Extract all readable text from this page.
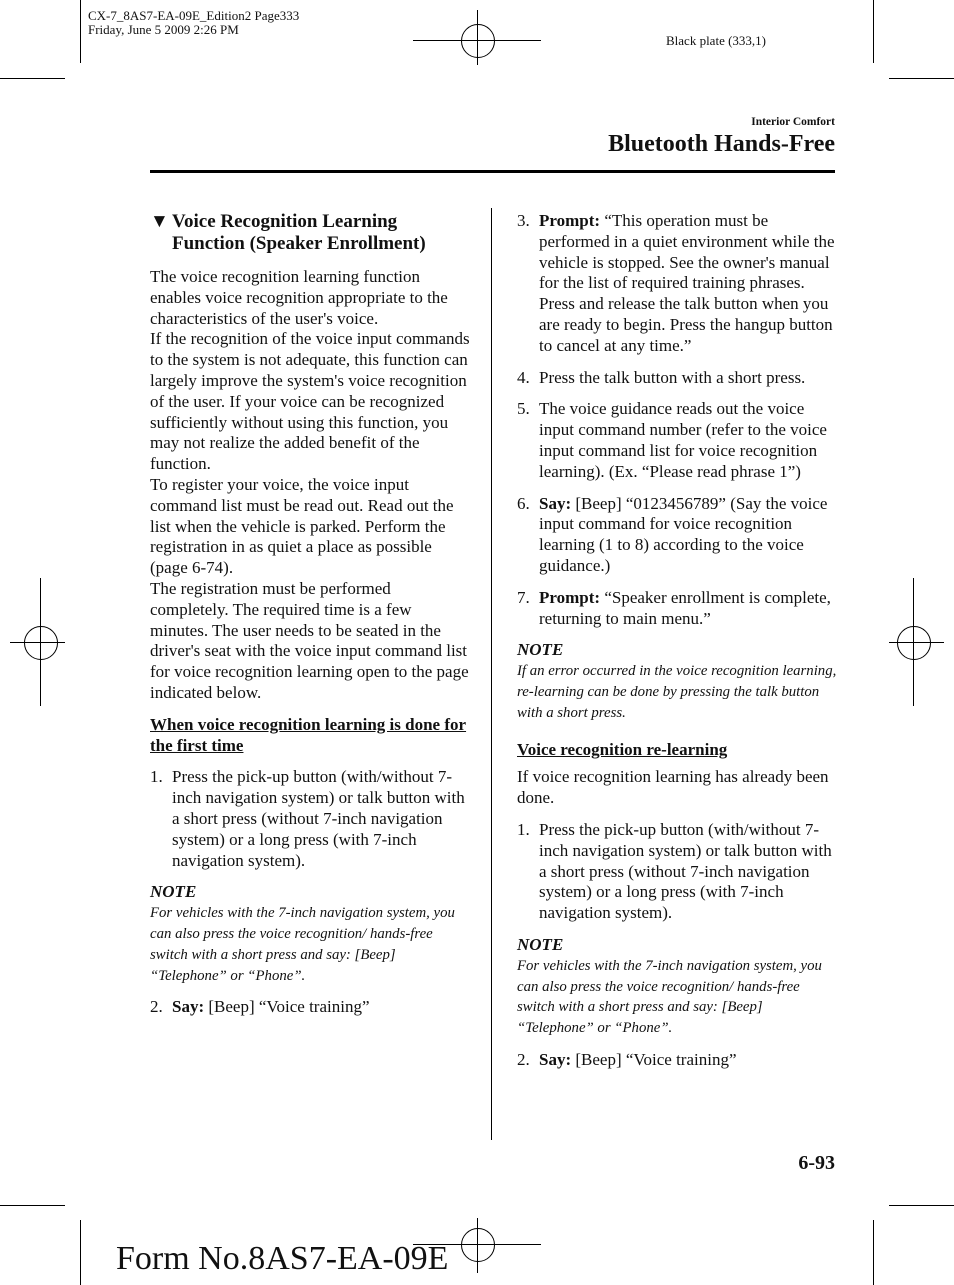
CX-7_8AS7-EA-09E_Edition2 Page333
Friday, June 5 2009 2:26 PM
Black plate (333,1)
Interior Comfort
Bluetooth Hands-Free
▼ Voice Recognition Learning
Function (Speaker Enrollment)

The voice recognition learning function enables voice recognition appropriate to the characteristics of the user's voice.

If the recognition of the voice input commands to the system is not adequate, this function can largely improve the system's voice recognition of the user. If your voice can be recognized sufficiently without using this function, you may not realize the added benefit of the function.

To register your voice, the voice input command list must be read out. Read out the list when the vehicle is parked. Perform the registration in as quiet a place as possible (page 6-74).

The registration must be performed completely. The required time is a few minutes. The user needs to be seated in the driver's seat with the voice input command list for voice recognition learning open to the page indicated below.

When voice recognition learning is done for the first time

1. Press the pick-up button (with/without 7-inch navigation system) or talk button with a short press (without 7-inch navigation system) or a long press (with 7-inch navigation system).

NOTE

For vehicles with the 7-inch navigation system, you can also press the voice recognition/ hands-free switch with a short press and say: [Beep] “Telephone” or “Phone”.

2. Say: [Beep] “Voice training”
3. Prompt: “This operation must be performed in a quiet environment while the vehicle is stopped. See the owner's manual for the list of required training phrases. Press and release the talk button when you are ready to begin. Press the hangup button to cancel at any time.”
4. Press the talk button with a short press.
5. The voice guidance reads out the voice input command number (refer to the voice input command list for voice recognition learning). (Ex. “Please read phrase 1”)
6. Say: [Beep] “0123456789” (Say the voice input command for voice recognition learning (1 to 8) according to the voice guidance.)
7. Prompt: “Speaker enrollment is complete, returning to main menu.”

NOTE

If an error occurred in the voice recognition learning, re-learning can be done by pressing the talk button with a short press.

Voice recognition re-learning

If voice recognition learning has already been done.

1. Press the pick-up button (with/without 7-inch navigation system) or talk button with a short press (without 7-inch navigation system) or a long press (with 7-inch navigation system).

NOTE

For vehicles with the 7-inch navigation system, you can also press the voice recognition/ hands-free switch with a short press and say: [Beep] “Telephone” or “Phone”.

2. Say: [Beep] “Voice training”
6-93
Form No.8AS7-EA-09E
